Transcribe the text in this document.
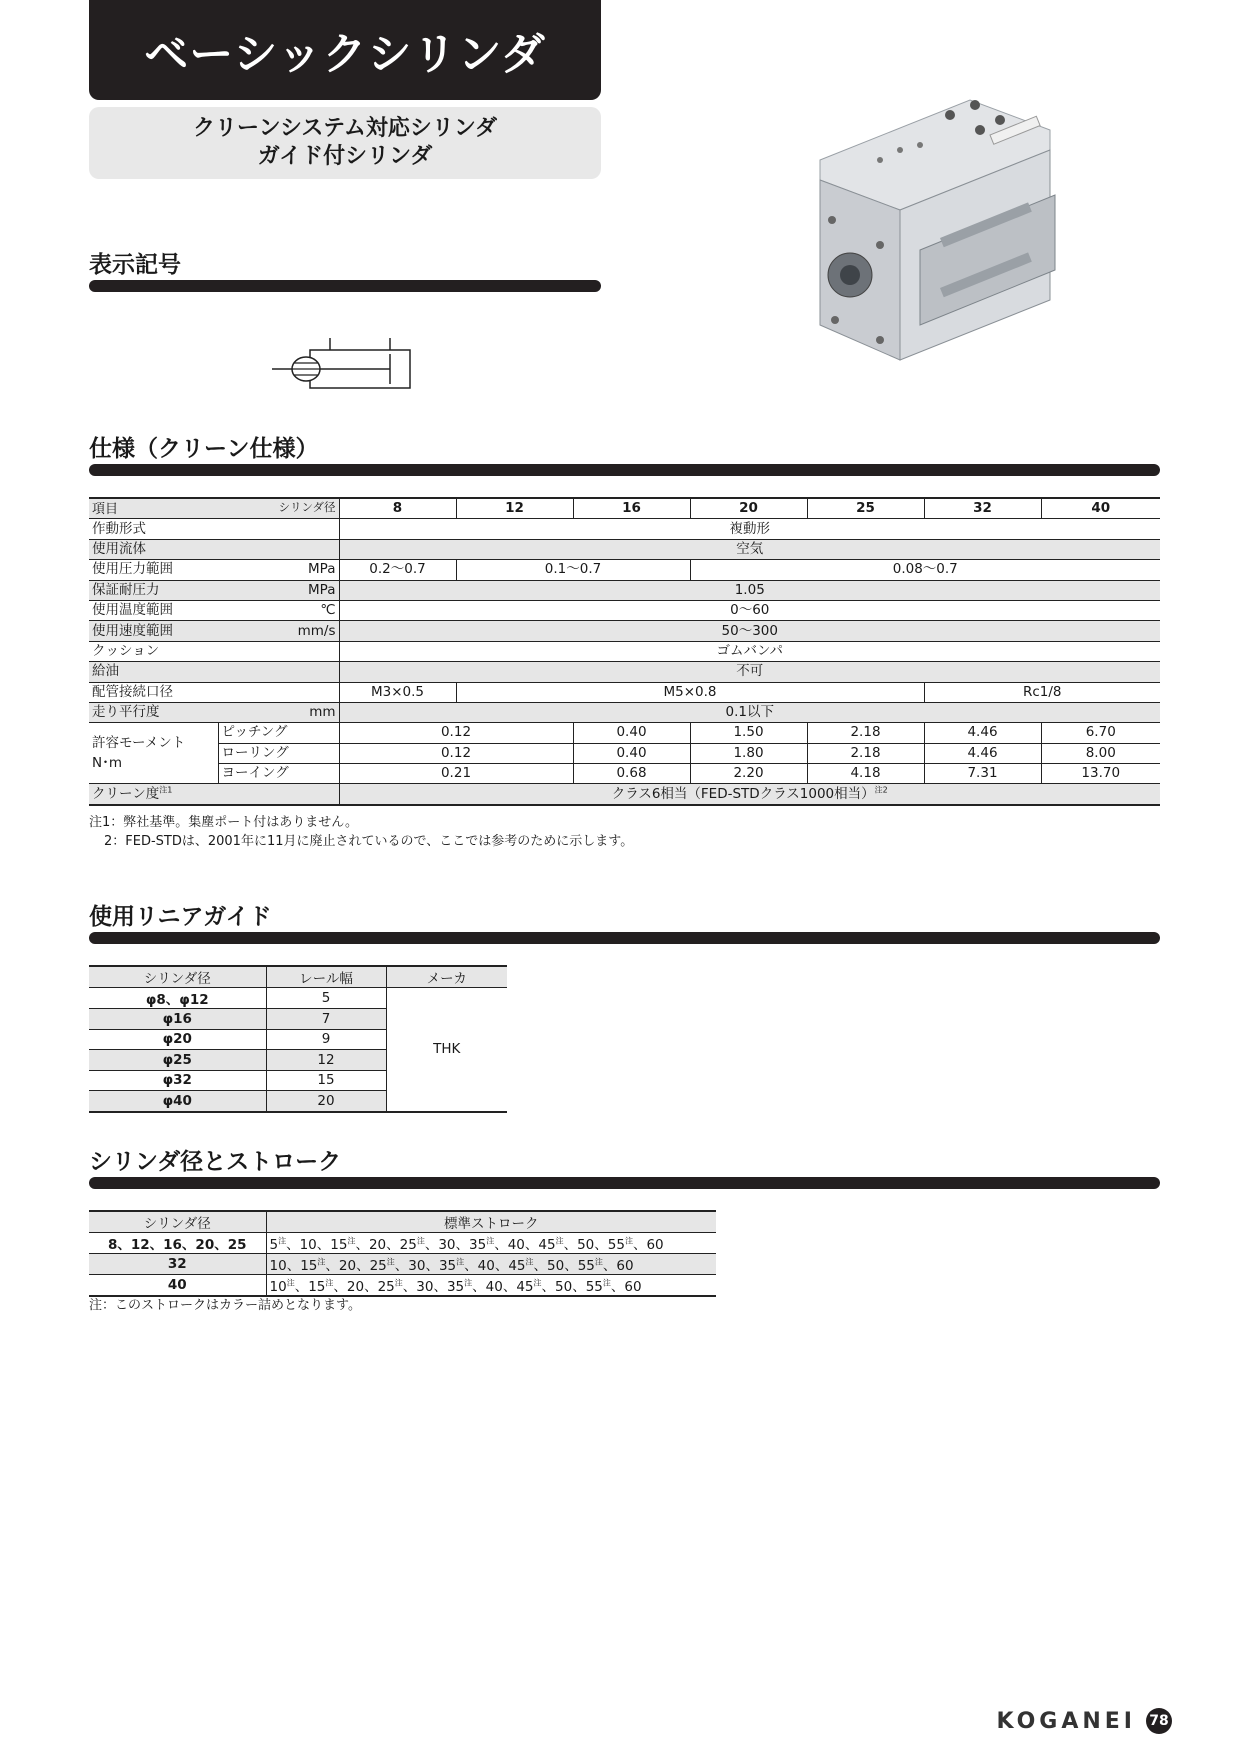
ベーシックシリンダ
クリーンシステム対応シリンダ
ガイド付シリンダ
表示記号
仕様（クリーン仕様）
項目 シリンダ径		8	12	16	20	25	32	40
作動形式		複動形						
使用流体		空気						
使用圧力範囲	MPa	0.2～0.7	0.1～0.7		0.08～0.7			
保証耐圧力	MPa	1.05						
使用温度範囲	℃	0～60						
使用速度範囲	mm/s	50～300						
クッション		ゴムバンパ						
給油		不可						
配管接続口径		M3×0.5	M5×0.8				Rc1/8	
走り平行度	mm	0.1以下						

許容モーメント
N･m	ピッチング	0.12		0.40	1.50	2.18	4.46	6.70
	ローリング	0.12		0.40	1.80	2.18	4.46	8.00
	ヨーイング	0.21		0.68	2.20	4.18	7.31	13.70
クリーン度$^{注1}$		クラス6相当（FED-STDクラス1000相当）$^{注2}$
注1：弊社基準。集塵ポート付はありません。
2：FED-STDは、2001年に11月に廃止されているので、ここでは参考のために示します。
使用リニアガイド
シリンダ径	レール幅	メーカ
φ8、φ12	5	THK
φ16	7	
φ20	9	
φ25	12	
φ32	15	
φ40	20	
シリンダ径とストローク
シリンダ径	標準ストローク
8、12、16、20、25	$5^注$、10、$15^注$、20、$25^注$、30、$35^注$、40、$45^注$、50、$55^注$、60
32	10、$15^注$、20、$25^注$、30、$35^注$、40、$45^注$、50、$55^注$、60
40	$10^注$、$15^注$、20、$25^注$、30、$35^注$、40、$45^注$、50、$55^注$、60
注：このストロークはカラー詰めとなります。
KOGANEI 78
